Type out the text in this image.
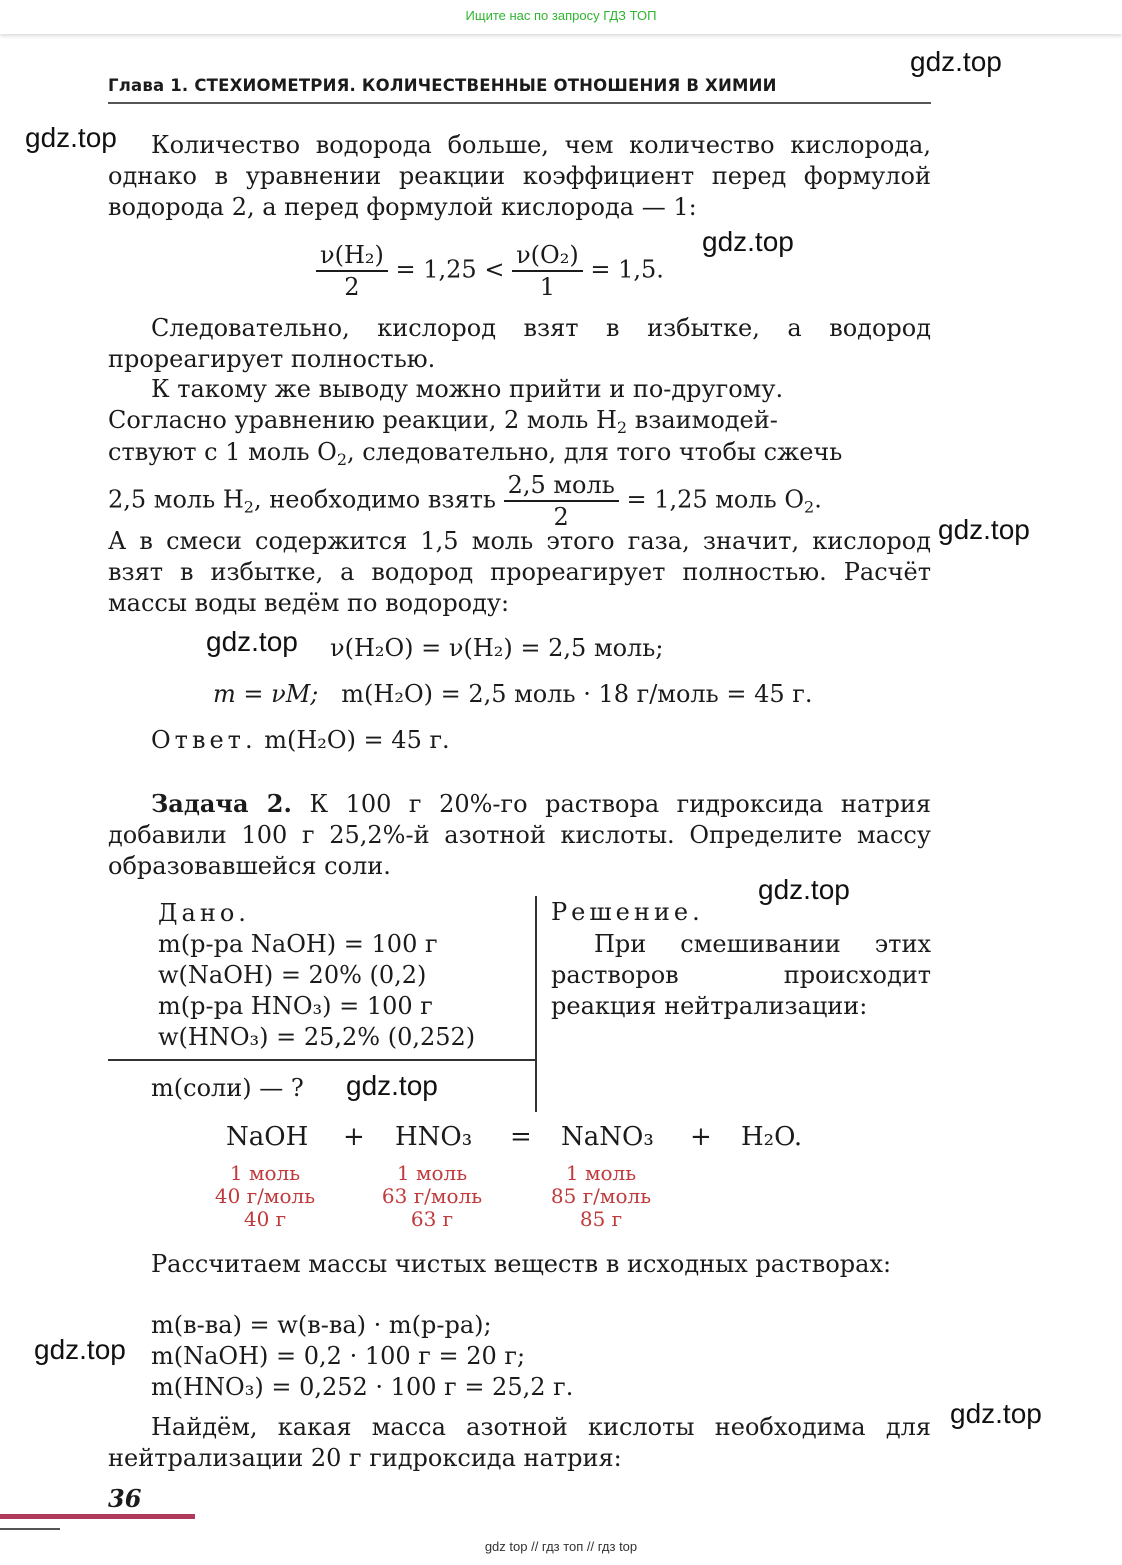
Ищите нас по запросу ГДЗ ТОП
gdz.top
gdz.top
gdz.top
gdz.top
gdz.top
gdz.top
gdz.top
gdz.top
gdz.top
Глава 1. СТЕХИОМЕТРИЯ. КОЛИЧЕСТВЕННЫЕ ОТНОШЕНИЯ В ХИМИИ
Количество водорода больше, чем количество кислорода, однако в уравнении реакции коэффициент перед формулой водорода 2, а перед формулой кислорода — 1:
$\frac{\text{ν(H₂)}}{2} = 1,25 < \frac{\text{ν(O₂)}}{1} = 1,5$.
Следовательно, кислород взят в избытке, а водород прореагирует полностью.
К такому же выводу можно прийти и по-другому.
Согласно уравнению реакции, 2 моль $H_2$ взаимодей-
ствуют с 1 моль $O_2$, следовательно, для того чтобы сжечь
2,5 моль $H_2$, необходимо взять $\frac{\text{2,5 моль}}{2} = 1,25$ моль $O_2$.
А в смеси содержится 1,5 моль этого газа, значит, кислород взят в избытке, а водород прореагирует полностью. Расчёт массы воды ведём по водороду:
ν(H₂O) = ν(H₂) = 2,5 моль;
m = νM; m(H₂O) = 2,5 моль · 18 г/моль = 45 г.
Ответ. m(H₂O) = 45 г.
Задача 2. К 100 г 20%-го раствора гидроксида натрия добавили 100 г 25,2%-й азотной кислоты. Определите массу образовавшейся соли.
Дано.
m(р-ра NaOH) = 100 г
w(NaOH) = 20% (0,2)
m(р-ра HNO₃) = 100 г
w(HNO₃) = 25,2% (0,252)
m(соли) — ?
Решение.
При смешивании этих растворов происходит реакция нейтрализации:
NaOH + HNO₃ = NaNO₃ + H₂O.
1 моль
40 г/моль
40 г
1 моль
63 г/моль
63 г
1 моль
85 г/моль
85 г
Рассчитаем массы чистых веществ в исходных растворах:
m(в-ва) = w(в-ва) · m(р-ра);
m(NaOH) = 0,2 · 100 г = 20 г;
m(HNO₃) = 0,252 · 100 г = 25,2 г.
Найдём, какая масса азотной кислоты необходима для нейтрализации 20 г гидроксида натрия:
36
gdz top // гдз топ // гдз top
